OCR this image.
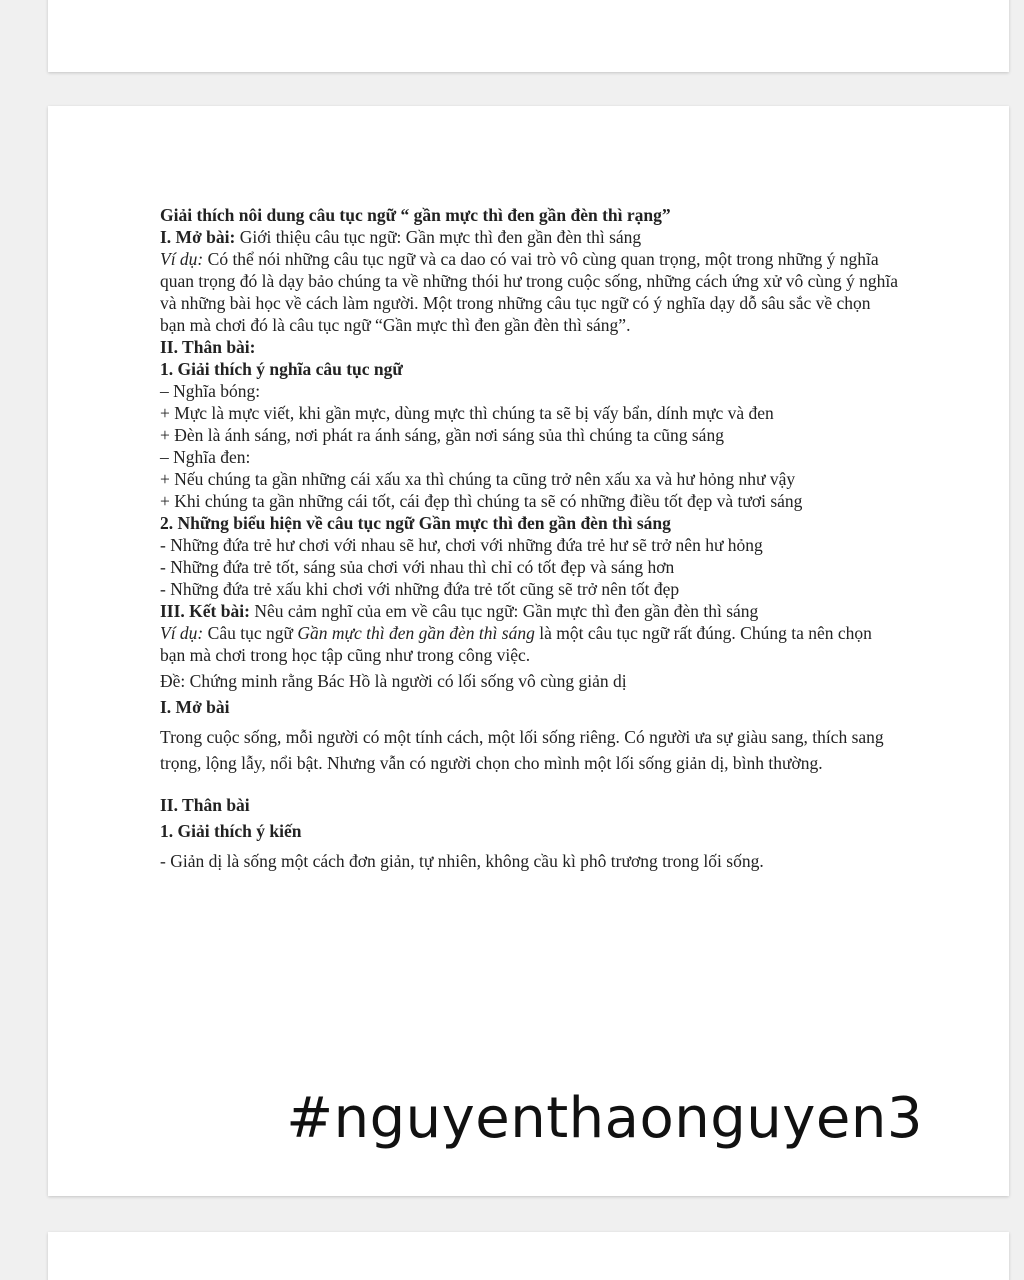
Giải thích nôi dung câu tục ngữ “ gần mực thì đen gần đèn thì rạng”

I. Mở bài: Giới thiệu câu tục ngữ: Gần mực thì đen gần đèn thì sáng

Ví dụ: Có thể nói những câu tục ngữ và ca dao có vai trò vô cùng quan trọng, một trong những ý nghĩa quan trọng đó là dạy bảo chúng ta về những thói hư trong cuộc sống, những cách ứng xử vô cùng ý nghĩa và những bài học về cách làm người. Một trong những câu tục ngữ có ý nghĩa dạy dỗ sâu sắc về chọn bạn mà chơi đó là câu tục ngữ “Gần mực thì đen gần đèn thì sáng”.

II. Thân bài:

1. Giải thích ý nghĩa câu tục ngữ

– Nghĩa bóng:

+ Mực là mực viết, khi gần mực, dùng mực thì chúng ta sẽ bị vấy bẩn, dính mực và đen

+ Đèn là ánh sáng, nơi phát ra ánh sáng, gần nơi sáng sủa thì chúng ta cũng sáng

– Nghĩa đen:

+ Nếu chúng ta gần những cái xấu xa thì chúng ta cũng trở nên xấu xa và hư hỏng như vậy

+ Khi chúng ta gần những cái tốt, cái đẹp thì chúng ta sẽ có những điều tốt đẹp và tươi sáng

2. Những biểu hiện về câu tục ngữ Gần mực thì đen gần đèn thì sáng

- Những đứa trẻ hư chơi với nhau sẽ hư, chơi với những đứa trẻ hư sẽ trở nên hư hỏng

- Những đứa trẻ tốt, sáng sủa chơi với nhau thì chỉ có tốt đẹp và sáng hơn

- Những đứa trẻ xấu khi chơi với những đứa trẻ tốt cũng sẽ trở nên tốt đẹp

III. Kết bài: Nêu cảm nghĩ của em về câu tục ngữ: Gần mực thì đen gần đèn thì sáng

Ví dụ: Câu tục ngữ Gần mực thì đen gần đèn thì sáng là một câu tục ngữ rất đúng. Chúng ta nên chọn bạn mà chơi trong học tập cũng như trong công việc.

Đề: Chứng minh rằng Bác Hồ là người có lối sống vô cùng giản dị

I. Mở bài

Trong cuộc sống, mỗi người có một tính cách, một lối sống riêng. Có người ưa sự giàu sang, thích sang trọng, lộng lẫy, nổi bật. Nhưng vẫn có người chọn cho mình một lối sống giản dị, bình thường.

II. Thân bài

1. Giải thích ý kiến

- Giản dị là sống một cách đơn giản, tự nhiên, không cầu kì phô trương trong lối sống.

#nguyenthaonguyen3
